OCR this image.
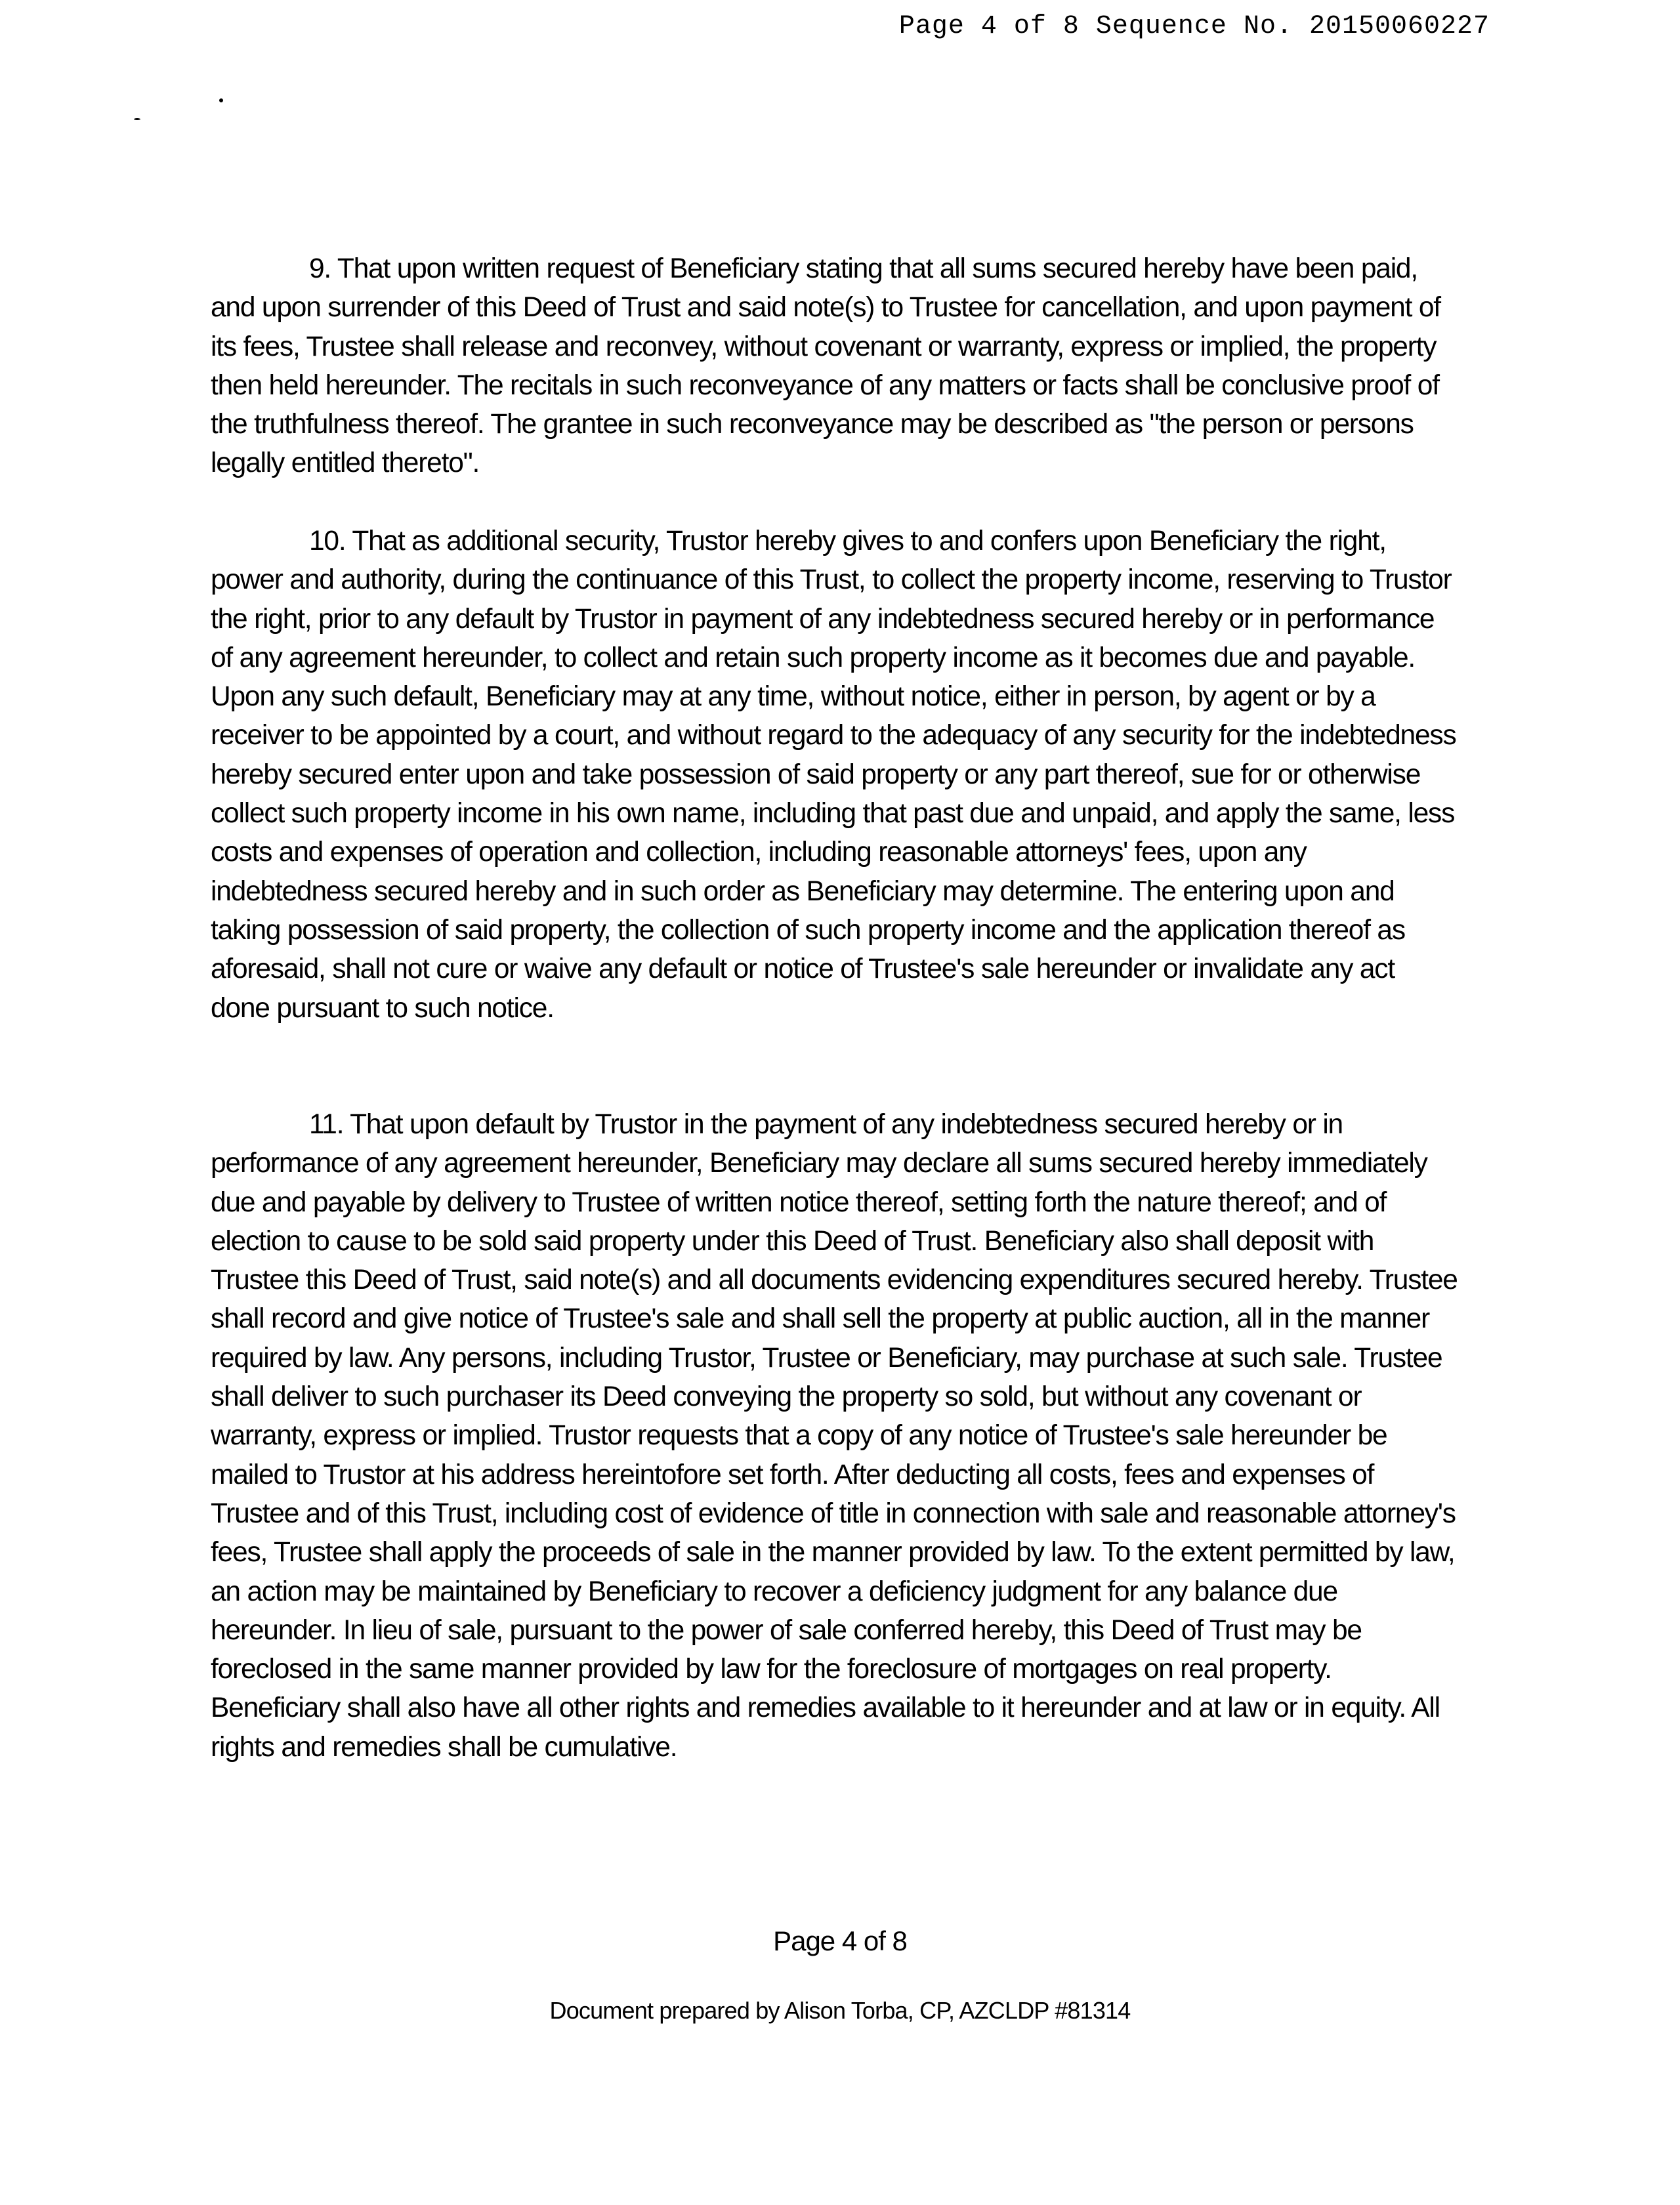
Page 4 of 8 Sequence No. 20150060227

9. That upon written request of Beneficiary stating that all sums secured hereby have been paid, and upon surrender of this Deed of Trust and said note(s) to Trustee for cancellation, and upon payment of its fees, Trustee shall release and reconvey, without covenant or warranty, express or implied, the property then held hereunder. The recitals in such reconveyance of any matters or facts shall be conclusive proof of the truthfulness thereof. The grantee in such reconveyance may be described as "the person or persons legally entitled thereto".

10. That as additional security, Trustor hereby gives to and confers upon Beneficiary the right, power and authority, during the continuance of this Trust, to collect the property income, reserving to Trustor the right, prior to any default by Trustor in payment of any indebtedness secured hereby or in performance of any agreement hereunder, to collect and retain such property income as it becomes due and payable. Upon any such default, Beneficiary may at any time, without notice, either in person, by agent or by a receiver to be appointed by a court, and without regard to the adequacy of any security for the indebtedness hereby secured enter upon and take possession of said property or any part thereof, sue for or otherwise collect such property income in his own name, including that past due and unpaid, and apply the same, less costs and expenses of operation and collection, including reasonable attorneys' fees, upon any indebtedness secured hereby and in such order as Beneficiary may determine. The entering upon and taking possession of said property, the collection of such property income and the application thereof as aforesaid, shall not cure or waive any default or notice of Trustee's sale hereunder or invalidate any act done pursuant to such notice.

11. That upon default by Trustor in the payment of any indebtedness secured hereby or in performance of any agreement hereunder, Beneficiary may declare all sums secured hereby immediately due and payable by delivery to Trustee of written notice thereof, setting forth the nature thereof; and of election to cause to be sold said property under this Deed of Trust. Beneficiary also shall deposit with Trustee this Deed of Trust, said note(s) and all documents evidencing expenditures secured hereby. Trustee shall record and give notice of Trustee's sale and shall sell the property at public auction, all in the manner required by law. Any persons, including Trustor, Trustee or Beneficiary, may purchase at such sale. Trustee shall deliver to such purchaser its Deed conveying the property so sold, but without any covenant or warranty, express or implied. Trustor requests that a copy of any notice of Trustee's sale hereunder be mailed to Trustor at his address hereintofore set forth. After deducting all costs, fees and expenses of Trustee and of this Trust, including cost of evidence of title in connection with sale and reasonable attorney's fees, Trustee shall apply the proceeds of sale in the manner provided by law. To the extent permitted by law, an action may be maintained by Beneficiary to recover a deficiency judgment for any balance due hereunder. In lieu of sale, pursuant to the power of sale conferred hereby, this Deed of Trust may be foreclosed in the same manner provided by law for the foreclosure of mortgages on real property. Beneficiary shall also have all other rights and remedies available to it hereunder and at law or in equity. All rights and remedies shall be cumulative.

Page 4 of 8
Document prepared by Alison Torba, CP, AZCLDP #81314
